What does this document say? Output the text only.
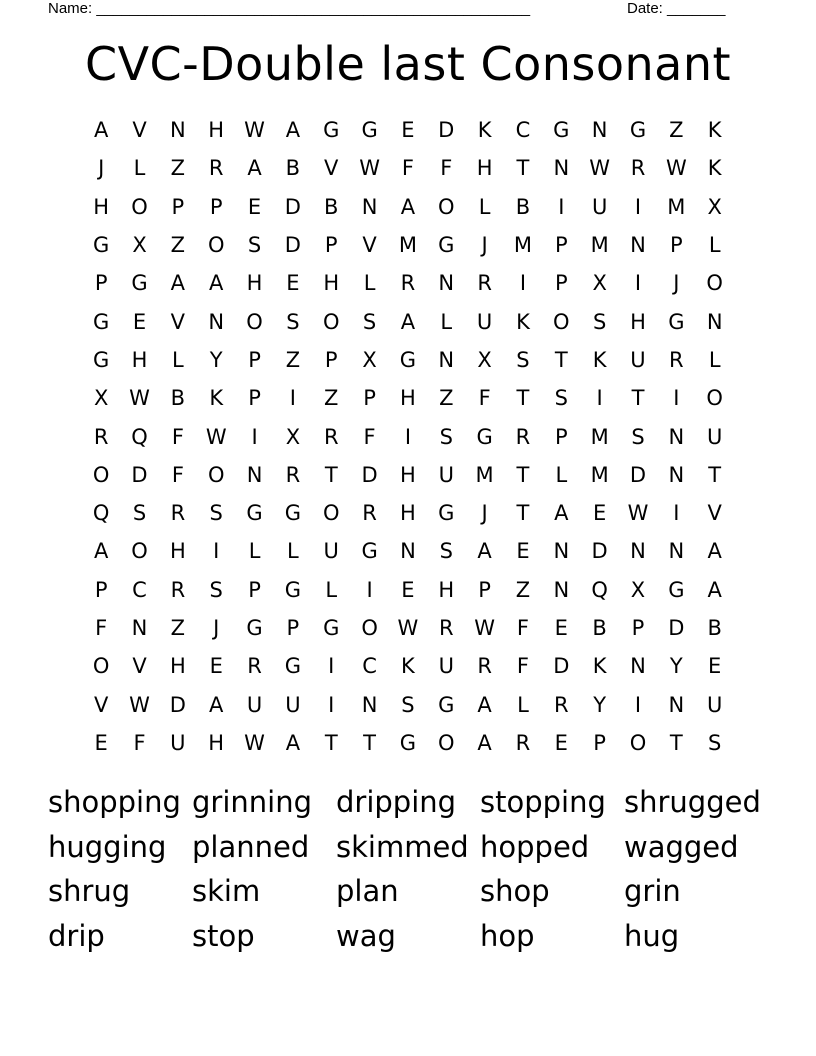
Name: ____________________________________________________	Date: _______
CVC-Double last Consonant
A	V	N	H W A	G	G	E	D	K	C	G	N	G	Z	K
J	L	Z	R	A	B	V W	F	F	H	T	N W R W	K
H	O	P	P	E	D	B	N	A	O	L	B	I	U	I	M	X
G	X	Z	O	S	D	P	V	M	G	J	M	P	M	N	P	L
P	G	A	A	H	E	H	L	R	N	R	I	P	X	I	J	O
G	E	V	N	O	S	O	S	A	L	U	K	O	S	H	G	N
G	H	L	Y	P	Z	P	X	G	N	X	S	T	K	U	R	L
X W B	K	P	I	Z	P	H	Z	F	T	S	I	T	I	O
R	Q	F	W	I	X	R	F	I	S	G	R	P	M	S	N	U
O	D	F	O	N	R	T	D	H	U	M	T	L	M	D	N	T
Q	S	R	S	G	G	O	R	H	G	J	T	A	E	W	I	V
A	O	H	I	L	L	U	G	N	S	A	E	N	D	N	N	A
P	C	R	S	P	G	L	I	E	H	P	Z	N	Q	X	G	A
F	N	Z	J	G	P	G	O W R W	F	E	B	P	D	B
O	V	H	E	R	G	I	C	K	U	R	F	D	K	N	Y	E
V W D	A	U	U	I	N	S	G	A	L	R	Y	I	N	U
E	F	U	H W A	T	T	G	O	A	R	E	P	O	T	S
shopping grinning dripping stopping shrugged
hugging planned skimmed hopped	wagged
shrug	skim	plan	shop	grin
drip	stop	wag	hop	hug
